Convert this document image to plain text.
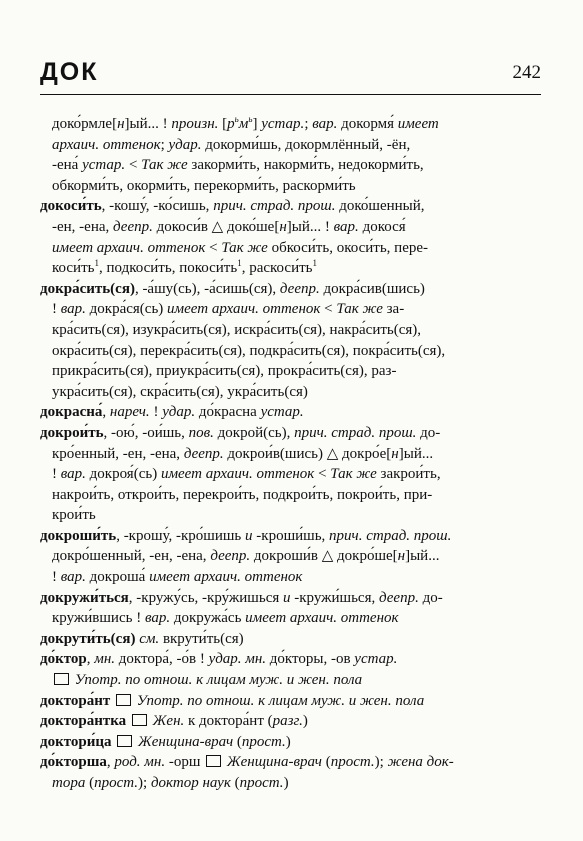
ДОК	242
доко́рмле[н]ый... ! произн. $[р^ьм^ь]$ устар.; вар. докормя́ имеет
архаич. оттенок; удар. докорми́шь, докормлённый, -ён,
-ена́ устар. < Так же закорми́ть, накорми́ть, недокорми́ть,
обкорми́ть, окорми́ть, перекорми́ть, раскорми́ть
докоси́ть, -кошу́, -ко́сишь, прич. страд. прош. доко́шенный,
-ен, -ена, деепр. докоси́в △ доко́ше[н]ый... ! вар. докося́
имеет архаич. оттенок < Так же обкоси́ть, окоси́ть, пере-
$коси́ть^1$, подкоси́ть, $покоси́ть^1$, $раскоси́ть^1$
докра́сить(ся), -а́шу(сь), -а́сишь(ся), деепр. докра́сив(шись)
! вар. докра́ся(сь) имеет архаич. оттенок < Так же за-
кра́сить(ся), изукра́сить(ся), искра́сить(ся), накра́сить(ся),
окра́сить(ся), перекра́сить(ся), подкра́сить(ся), покра́сить(ся),
прикра́сить(ся), приукра́сить(ся), прокра́сить(ся), раз-
укра́сить(ся), скра́сить(ся), укра́сить(ся)
докрасна́, нареч. ! удар. до́красна устар.
докрои́ть, -ою́, -ои́шь, пов. докрой(сь), прич. страд. прош. до-
кро́енный, -ен, -ена, деепр. докрои́в(шись) △ докро́е[н]ый...
! вар. докроя́(сь) имеет архаич. оттенок < Так же закрои́ть,
накрои́ть, открои́ть, перекрои́ть, подкрои́ть, покрои́ть, при-
крои́ть
докроши́ть, -крошу́, -кро́шишь и -кроши́шь, прич. страд. прош.
докро́шенный, -ен, -ена, деепр. докроши́в △ докро́ше[н]ый...
! вар. докроша́ имеет архаич. оттенок
докружи́ться, -кружу́сь, -кру́жишься и -кружи́шься, деепр. до-
кружи́вшись ! вар. докружа́сь имеет архаич. оттенок
докрути́ть(ся) см. вкрути́ть(ся)
до́ктор, мн. доктора́, -о́в ! удар. мн. до́кторы, -ов устар.
Употр. по отнош. к лицам муж. и жен. пола
доктора́нт Употр. по отнош. к лицам муж. и жен. пола
доктора́нтка Жен. к доктора́нт (разг.)
доктори́ца Женщина-врач (прост.)
до́кторша, род. мн. -орш  Женщина-врач (прост.); жена док-
тора (прост.); доктор наук (прост.)
